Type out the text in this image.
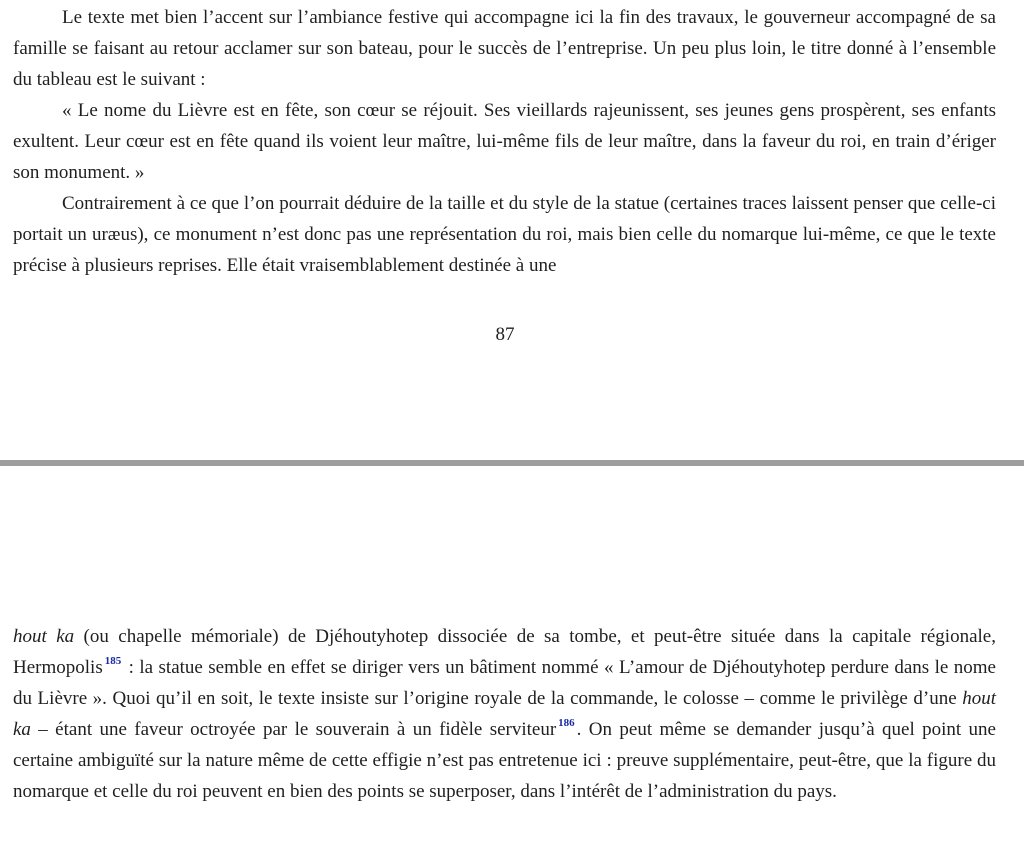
Le texte met bien l’accent sur l’ambiance festive qui accompagne ici la fin des travaux, le gouverneur accompagné de sa famille se faisant au retour acclamer sur son bateau, pour le succès de l’entreprise. Un peu plus loin, le titre donné à l’ensemble du tableau est le suivant :

« Le nome du Lièvre est en fête, son cœur se réjouit. Ses vieillards rajeunissent, ses jeunes gens prospèrent, ses enfants exultent. Leur cœur est en fête quand ils voient leur maître, lui-même fils de leur maître, dans la faveur du roi, en train d’ériger son monument. »

Contrairement à ce que l’on pourrait déduire de la taille et du style de la statue (certaines traces laissent penser que celle-ci portait un uræus), ce monument n’est donc pas une représentation du roi, mais bien celle du nomarque lui-même, ce que le texte précise à plusieurs reprises. Elle était vraisemblablement destinée à une

87

hout ka (ou chapelle mémoriale) de Djéhoutyhotep dissociée de sa tombe, et peut-être située dans la capitale régionale, Hermopolis $^{185}$ : la statue semble en effet se diriger vers un bâtiment nommé « L’amour de Djéhoutyhotep perdure dans le nome du Lièvre ». Quoi qu’il en soit, le texte insiste sur l’origine royale de la commande, le colosse – comme le privilège d’une hout ka – étant une faveur octroyée par le souverain à un fidèle serviteur $^{186}$ . On peut même se demander jusqu’à quel point une certaine ambiguïté sur la nature même de cette effigie n’est pas entretenue ici : preuve supplémentaire, peut-être, que la figure du nomarque et celle du roi peuvent en bien des points se superposer, dans l’intérêt de l’administration du pays.
